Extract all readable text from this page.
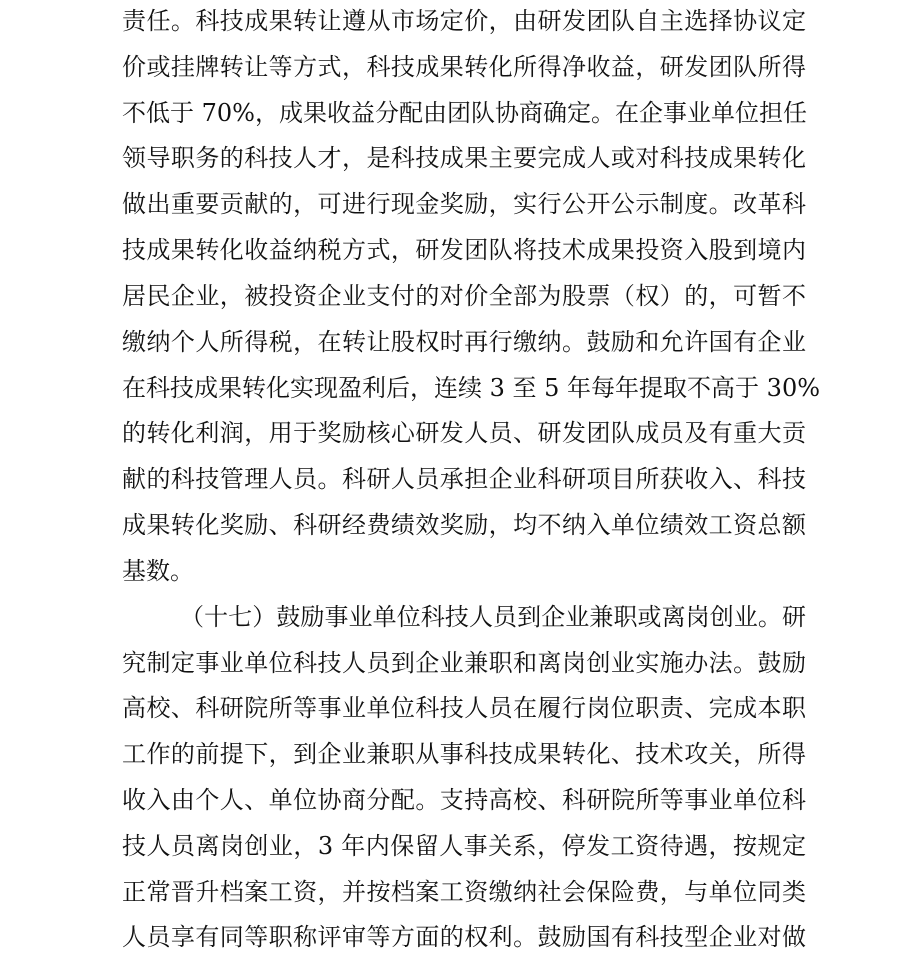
责任。科技成果转让遵从市场定价，由研发团队自主选择协议定
价或挂牌转让等方式，科技成果转化所得净收益，研发团队所得
不低于 70%，成果收益分配由团队协商确定。在企事业单位担任
领导职务的科技人才，是科技成果主要完成人或对科技成果转化
做出重要贡献的，可进行现金奖励，实行公开公示制度。改革科
技成果转化收益纳税方式，研发团队将技术成果投资入股到境内
居民企业，被投资企业支付的对价全部为股票（权）的，可暂不
缴纳个人所得税，在转让股权时再行缴纳。鼓励和允许国有企业
在科技成果转化实现盈利后，连续 3 至 5 年每年提取不高于 30%
的转化利润，用于奖励核心研发人员、研发团队成员及有重大贡
献的科技管理人员。科研人员承担企业科研项目所获收入、科技
成果转化奖励、科研经费绩效奖励，均不纳入单位绩效工资总额
基数。
（十七）鼓励事业单位科技人员到企业兼职或离岗创业。研
究制定事业单位科技人员到企业兼职和离岗创业实施办法。鼓励
高校、科研院所等事业单位科技人员在履行岗位职责、完成本职
工作的前提下，到企业兼职从事科技成果转化、技术攻关，所得
收入由个人、单位协商分配。支持高校、科研院所等事业单位科
技人员离岗创业，3 年内保留人事关系，停发工资待遇，按规定
正常晋升档案工资，并按档案工资缴纳社会保险费，与单位同类
人员享有同等职称评审等方面的权利。鼓励国有科技型企业对做
